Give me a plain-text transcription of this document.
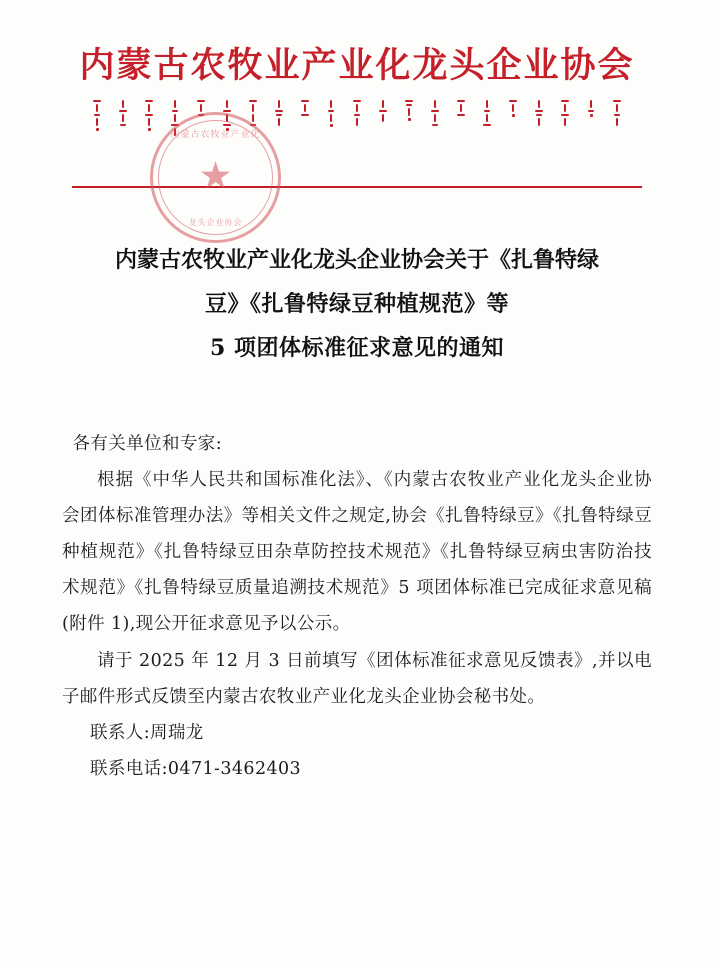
内蒙古农牧业产业化龙头企业协会
内蒙古农牧业产业化
★
龙头企业协会
内蒙古农牧业产业化龙头企业协会关于《扎鲁特绿
豆》《扎鲁特绿豆种植规范》等
5 项团体标准征求意见的通知

各有关单位和专家:

根据《中华人民共和国标准化法》、《内蒙古农牧业产业化龙头企业协会团体标准管理办法》等相关文件之规定,协会《扎鲁特绿豆》《扎鲁特绿豆种植规范》《扎鲁特绿豆田杂草防控技术规范》《扎鲁特绿豆病虫害防治技术规范》《扎鲁特绿豆质量追溯技术规范》5 项团体标准已完成征求意见稿(附件 1),现公开征求意见予以公示。

请于 2025 年 12 月 3 日前填写《团体标准征求意见反馈表》,并以电子邮件形式反馈至内蒙古农牧业产业化龙头企业协会秘书处。

联系人:周瑞龙

联系电话:0471-3462403
